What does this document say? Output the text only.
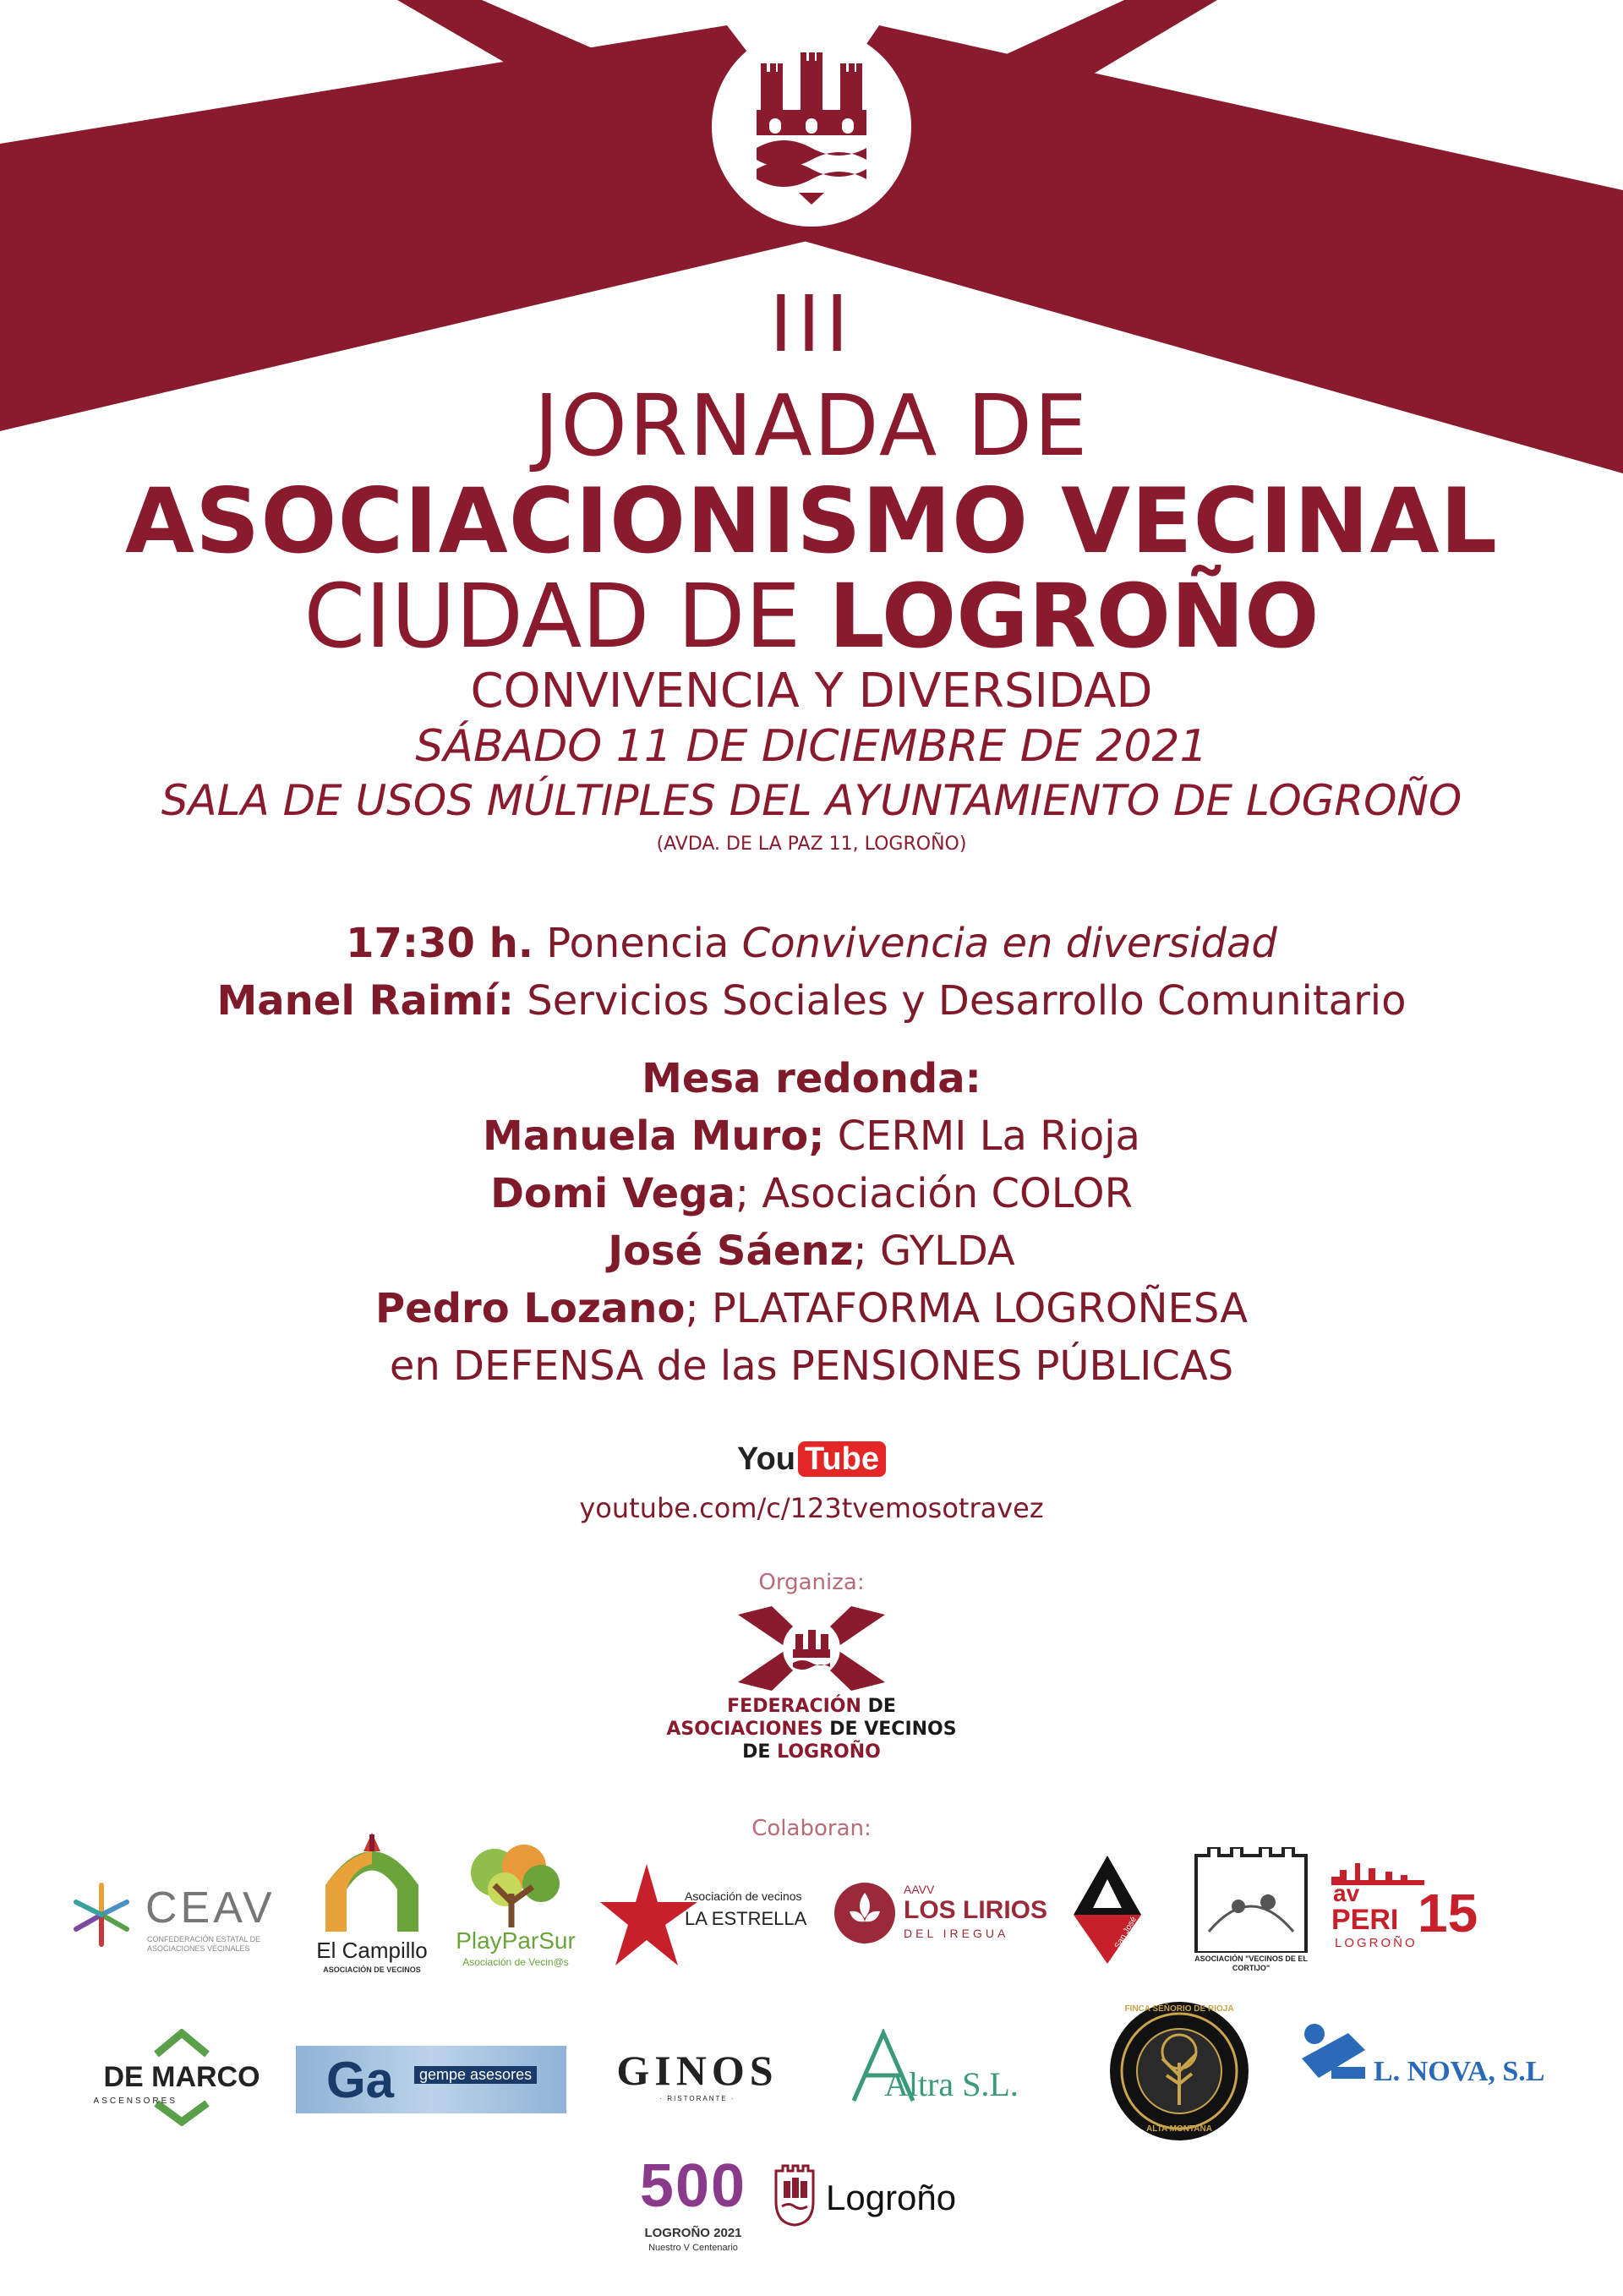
III
JORNADA DE
ASOCIACIONISMO VECINAL
CIUDAD DE LOGROÑO
CONVIVENCIA Y DIVERSIDAD
SÁBADO 11 DE DICIEMBRE DE 2021
SALA DE USOS MÚLTIPLES DEL AYUNTAMIENTO DE LOGROÑO
(AVDA. DE LA PAZ 11, LOGROÑO)
17:30 h. Ponencia Convivencia en diversidad
Manel Raimí: Servicios Sociales y Desarrollo Comunitario
Mesa redonda:
Manuela Muro; CERMI La Rioja
Domi Vega; Asociación COLOR
José Sáenz; GYLDA
Pedro Lozano; PLATAFORMA LOGROÑESA
en DEFENSA de las PENSIONES PÚBLICAS
You Tube
youtube.com/c/123tvemosotravez
Organiza:
FEDERACIÓN DE
ASOCIACIONES DE VECINOS
DE LOGROÑO
Colaboran:
CEAV
CONFEDERACIÓN ESTATAL DE ASOCIACIONES VECINALES	El Campillo
ASOCIACIÓN DE VECINOS
PlayParSur
Asociación de Vecin@s
Asociación de vecinos
LA ESTRELLA
AAVV
LOS LIRIOS
DEL IREGUA	San José
ASOCIACIÓN "VECINOS DE EL CORTIJO"
av
PERI 15
LOGROÑO
DE MARCO
ASCENSORES	Ga	gempe asesores	GINOS
· RISTORANTE ·	Altra S.L.
FINCA SEÑORIO DE RIOJA
ALTA MONTAÑA
L. NOVA, S.L
500
LOGROÑO 2021
Nuestro V Centenario
Logroño
